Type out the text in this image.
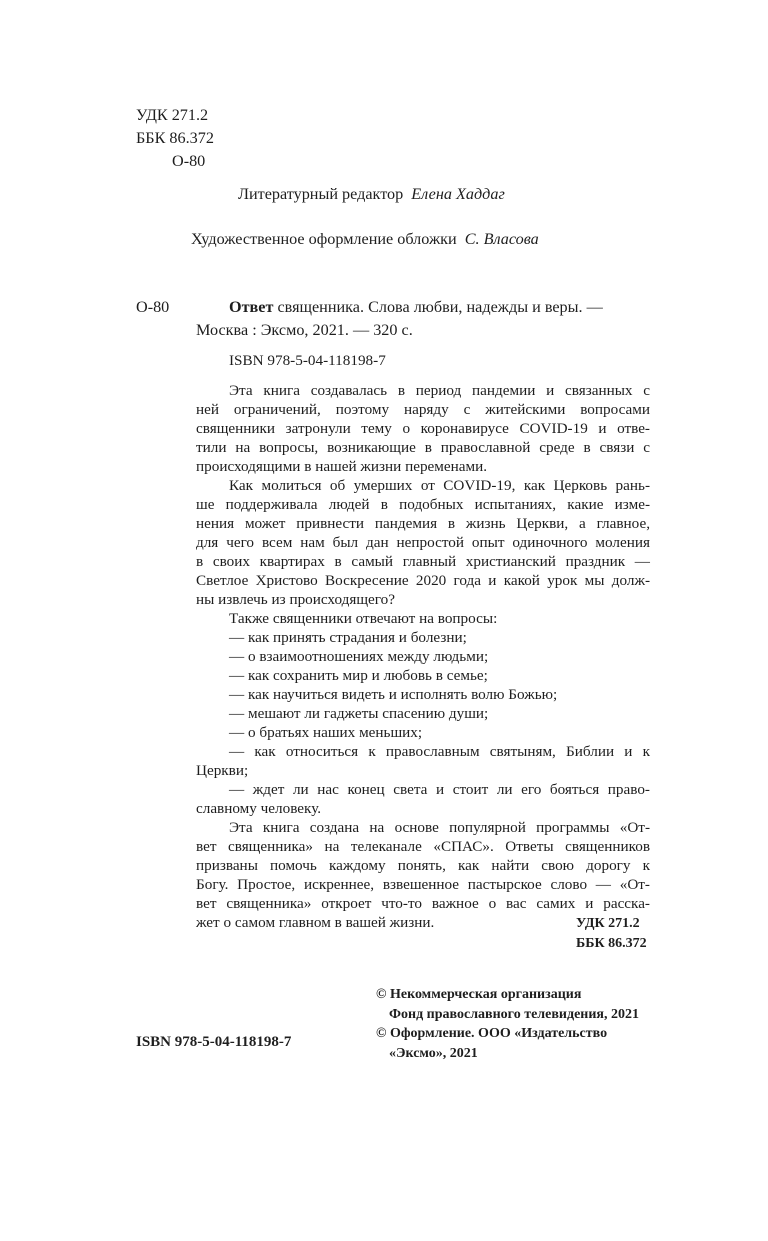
УДК 271.2
ББК 86.372
О-80
Литературный редактор Елена Хаддаг
Художественное оформление обложки С. Власова
О-80	Ответ священника. Слова любви, надежды и веры. —
Москва : Эксмо, 2021. — 320 с.
ISBN 978-5-04-118198-7
Эта книга создавалась в период пандемии и связанных с
ней ограничений, поэтому наряду с житейскими вопросами
священники затронули тему о коронавирусе COVID-19 и отве-
тили на вопросы, возникающие в православной среде в связи с
происходящими в нашей жизни переменами.
Как молиться об умерших от COVID-19, как Церковь рань-
ше поддерживала людей в подобных испытаниях, какие изме-
нения может привнести пандемия в жизнь Церкви, а главное,
для чего всем нам был дан непростой опыт одиночного моления
в своих квартирах в самый главный христианский праздник —
Светлое Христово Воскресение 2020 года и какой урок мы долж-
ны извлечь из происходящего?
Также священники отвечают на вопросы:
— как принять страдания и болезни;
— о взаимоотношениях между людьми;
— как сохранить мир и любовь в семье;
— как научиться видеть и исполнять волю Божью;
— мешают ли гаджеты спасению души;
— о братьях наших меньших;
— как относиться к православным святыням, Библии и к
Церкви;
— ждет ли нас конец света и стоит ли его бояться право-
славному человеку.
Эта книга создана на основе популярной программы «От-
вет священника» на телеканале «СПАС». Ответы священников
призваны помочь каждому понять, как найти свою дорогу к
Богу. Простое, искреннее, взвешенное пастырское слово — «От-
вет священника» откроет что-то важное о вас самих и расска-
жет о самом главном в вашей жизни.	УДК 271.2
ББК 86.372
© Некоммерческая организация
Фонд православного телевидения, 2021
© Оформление. ООО «Издательство
«Эксмо», 2021
ISBN 978-5-04-118198-7
